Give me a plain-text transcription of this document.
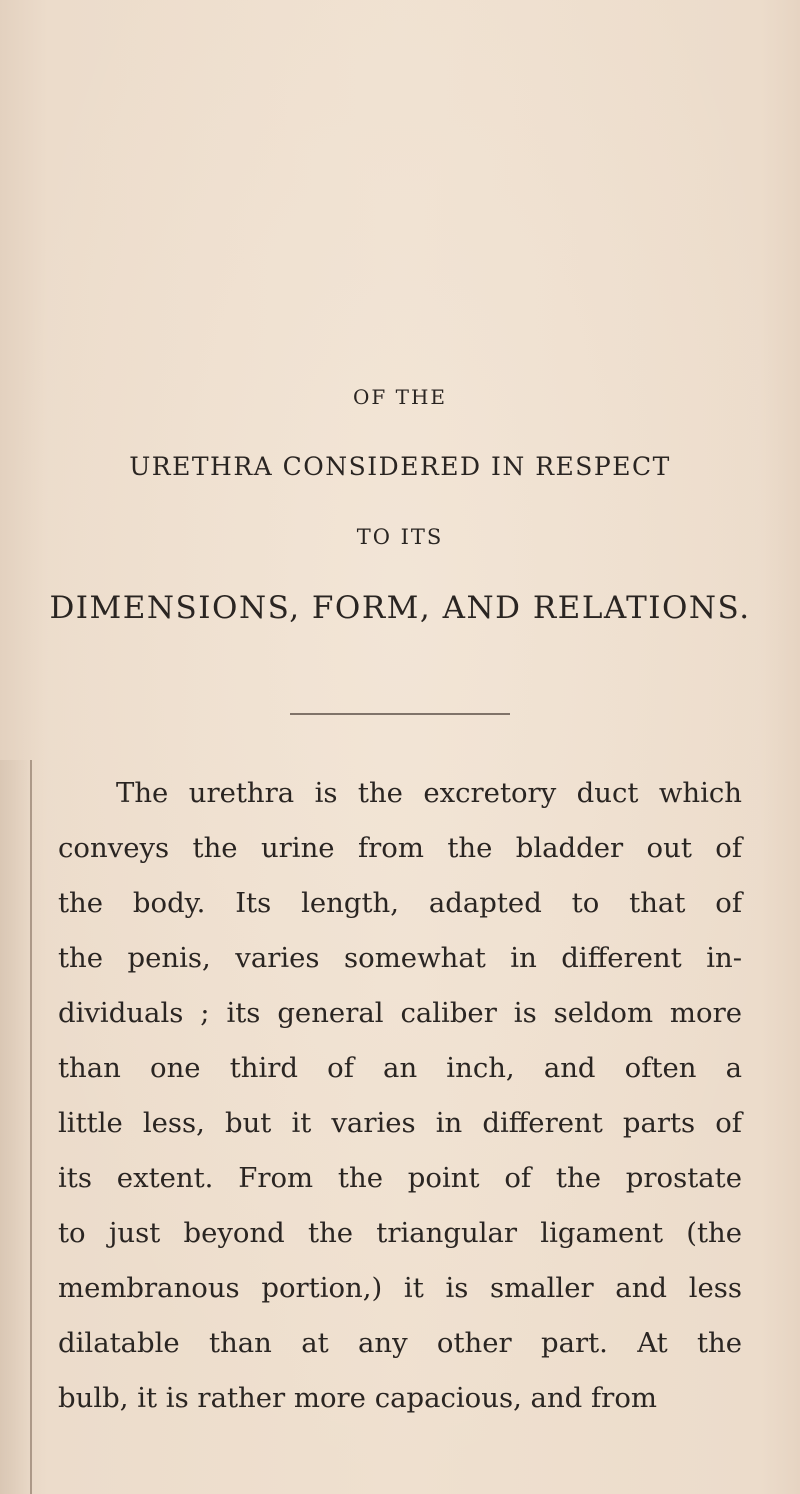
OF THE
URETHRA CONSIDERED IN RESPECT
TO ITS
DIMENSIONS, FORM, AND RELATIONS.
The urethra is the excretory duct which
conveys the urine from the bladder out of
the body. Its length, adapted to that of
the penis, varies somewhat in different in-
dividuals ; its general caliber is seldom more
than one third of an inch, and often a
little less, but it varies in different parts of
its extent. From the point of the prostate
to just beyond the triangular ligament (the
membranous portion,) it is smaller and less
dilatable than at any other part. At the
bulb, it is rather more capacious, and from
